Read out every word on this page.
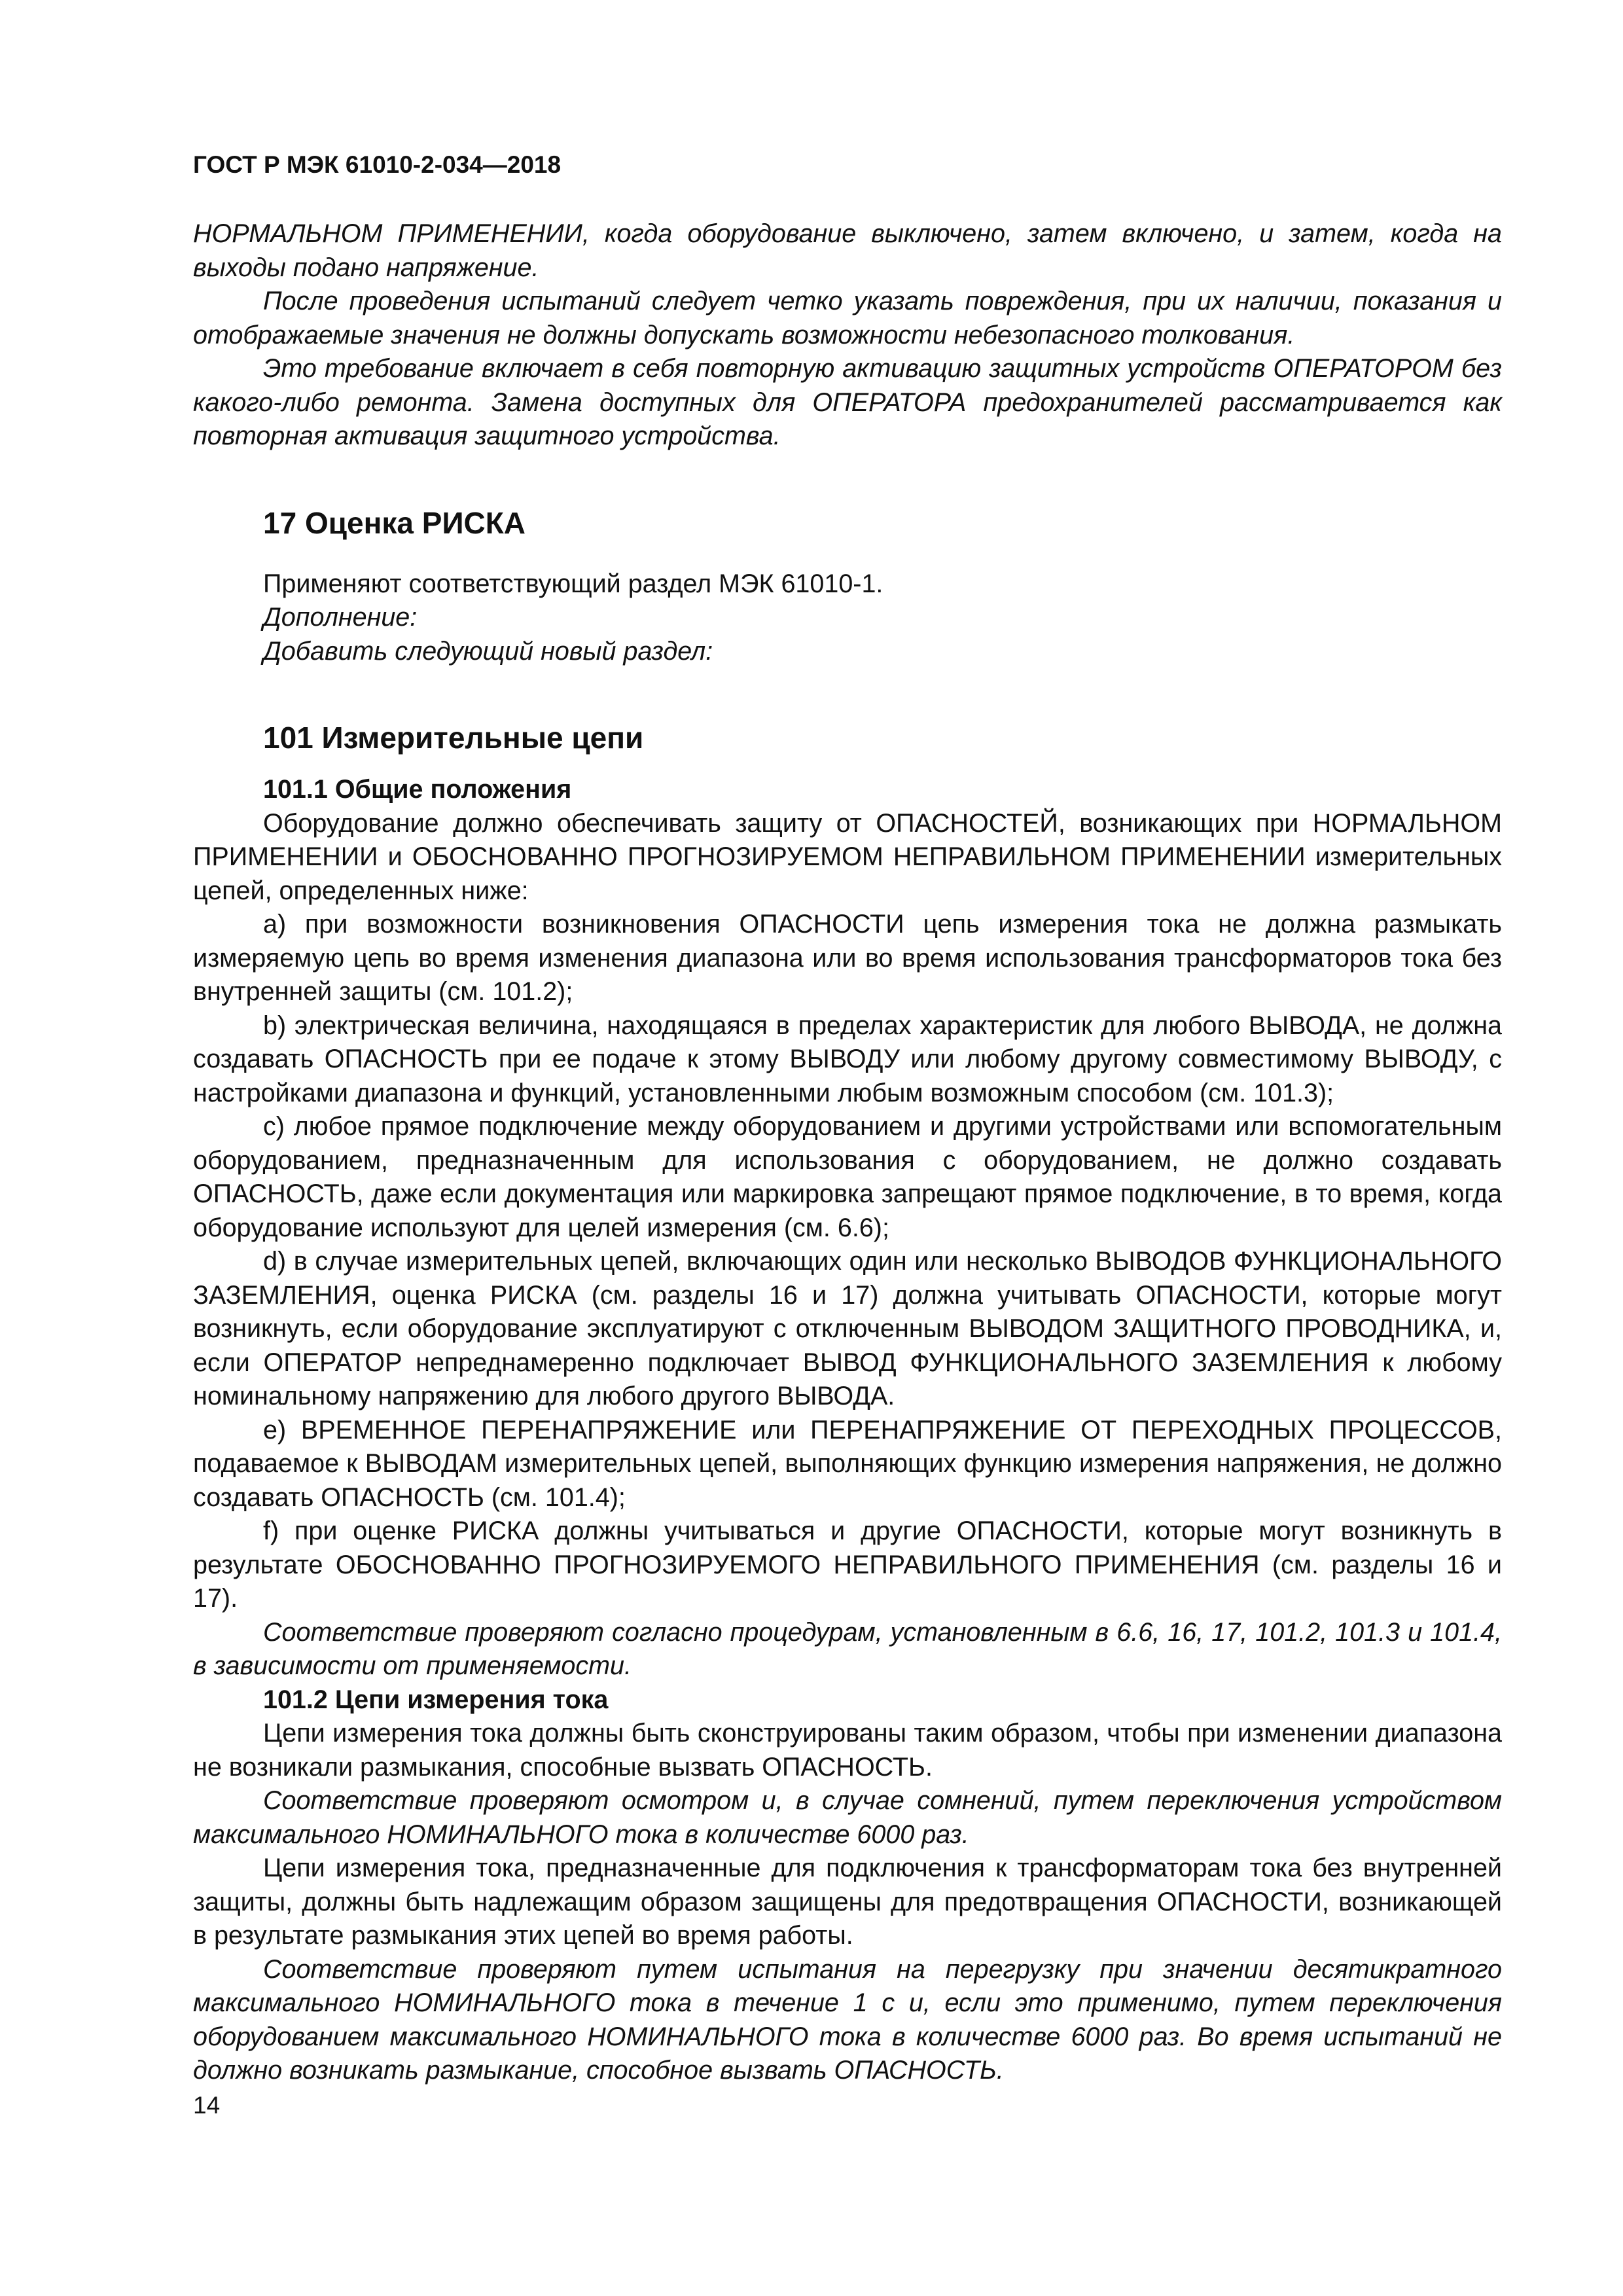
ГОСТ Р МЭК 61010-2-034—2018

НОРМАЛЬНОМ ПРИМЕНЕНИИ, когда оборудование выключено, затем включено, и затем, когда на выходы подано напряжение.

После проведения испытаний следует четко указать повреждения, при их наличии, показания и отображаемые значения не должны допускать возможности небезопасного толкования.

Это требование включает в себя повторную активацию защитных устройств ОПЕРАТОРОМ без какого-либо ремонта. Замена доступных для ОПЕРАТОРА предохранителей рассматривается как повторная активация защитного устройства.

17 Оценка РИСКА
Применяют соответствующий раздел МЭК 61010-1.
Дополнение:
Добавить следующий новый раздел:
101 Измерительные цепи
101.1 Общие положения

Оборудование должно обеспечивать защиту от ОПАСНОСТЕЙ, возникающих при НОРМАЛЬНОМ ПРИМЕНЕНИИ и ОБОСНОВАННО ПРОГНОЗИРУЕМОМ НЕПРАВИЛЬНОМ ПРИМЕНЕНИИ измерительных цепей, определенных ниже:

a) при возможности возникновения ОПАСНОСТИ цепь измерения тока не должна размыкать измеряемую цепь во время изменения диапазона или во время использования трансформаторов тока без внутренней защиты (см. 101.2);

b) электрическая величина, находящаяся в пределах характеристик для любого ВЫВОДА, не должна создавать ОПАСНОСТЬ при ее подаче к этому ВЫВОДУ или любому другому совместимому ВЫВОДУ, с настройками диапазона и функций, установленными любым возможным способом (см. 101.3);

c) любое прямое подключение между оборудованием и другими устройствами или вспомогательным оборудованием, предназначенным для использования с оборудованием, не должно создавать ОПАСНОСТЬ, даже если документация или маркировка запрещают прямое подключение, в то время, когда оборудование используют для целей измерения (см. 6.6);

d) в случае измерительных цепей, включающих один или несколько ВЫВОДОВ ФУНКЦИОНАЛЬНОГО ЗАЗЕМЛЕНИЯ, оценка РИСКА (см. разделы 16 и 17) должна учитывать ОПАСНОСТИ, которые могут возникнуть, если оборудование эксплуатируют с отключенным ВЫВОДОМ ЗАЩИТНОГО ПРОВОДНИКА, и, если ОПЕРАТОР непреднамеренно подключает ВЫВОД ФУНКЦИОНАЛЬНОГО ЗАЗЕМЛЕНИЯ к любому номинальному напряжению для любого другого ВЫВОДА.

e) ВРЕМЕННОЕ ПЕРЕНАПРЯЖЕНИЕ или ПЕРЕНАПРЯЖЕНИЕ ОТ ПЕРЕХОДНЫХ ПРОЦЕССОВ, подаваемое к ВЫВОДАМ измерительных цепей, выполняющих функцию измерения напряжения, не должно создавать ОПАСНОСТЬ (см. 101.4);

f) при оценке РИСКА должны учитываться и другие ОПАСНОСТИ, которые могут возникнуть в результате ОБОСНОВАННО ПРОГНОЗИРУЕМОГО НЕПРАВИЛЬНОГО ПРИМЕНЕНИЯ (см. разделы 16 и 17).

Соответствие проверяют согласно процедурам, установленным в 6.6, 16, 17, 101.2, 101.3 и 101.4, в зависимости от применяемости.

101.2 Цепи измерения тока

Цепи измерения тока должны быть сконструированы таким образом, чтобы при изменении диапазона не возникали размыкания, способные вызвать ОПАСНОСТЬ.

Соответствие проверяют осмотром и, в случае сомнений, путем переключения устройством максимального НОМИНАЛЬНОГО тока в количестве 6000 раз.

Цепи измерения тока, предназначенные для подключения к трансформаторам тока без внутренней защиты, должны быть надлежащим образом защищены для предотвращения ОПАСНОСТИ, возникающей в результате размыкания этих цепей во время работы.

Соответствие проверяют путем испытания на перегрузку при значении десятикратного максимального НОМИНАЛЬНОГО тока в течение 1 с и, если это применимо, путем переключения оборудованием максимального НОМИНАЛЬНОГО тока в количестве 6000 раз. Во время испытаний не должно возникать размыкание, способное вызвать ОПАСНОСТЬ.

14
